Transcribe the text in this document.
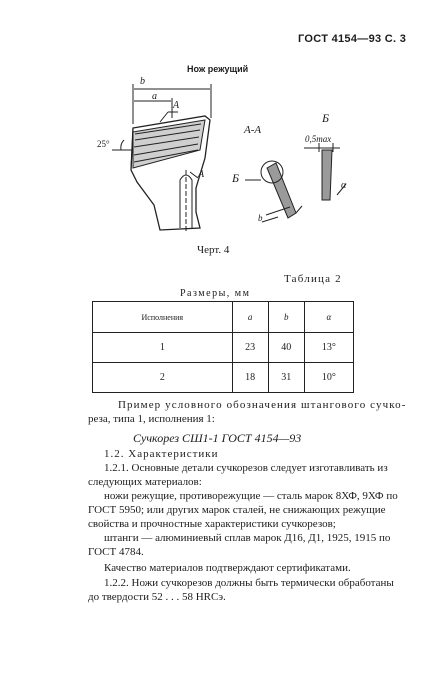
ГОСТ 4154—93 С. 3
Нож режущий
b
a
А
25°
А
А-А
Б
Б
0,5max
α
b
Черт. 4
Таблица 2
Размеры, мм
Исполнения	a	b	α
1	23	40	13°
2	18	31	10°
Пример условного обозначения штангового сучко-
реза, типа 1, исполнения 1:
Сучкорез СШ1-1 ГОСТ 4154—93
1.2. Характеристики
1.2.1. Основные детали сучкорезов следует изготавливать из
следующих материалов:
ножи режущие, противорежущие — сталь марок 8ХФ, 9ХФ по
ГОСТ 5950; или других марок сталей, не снижающих режущие
свойства и прочностные характеристики сучкорезов;
штанги — алюминиевый сплав марок Д16, Д1, 1925, 1915 по
ГОСТ 4784.
Качество материалов подтверждают сертификатами.
1.2.2. Ножи сучкорезов должны быть термически обработаны
до твердости 52 . . . 58 HRCэ.
